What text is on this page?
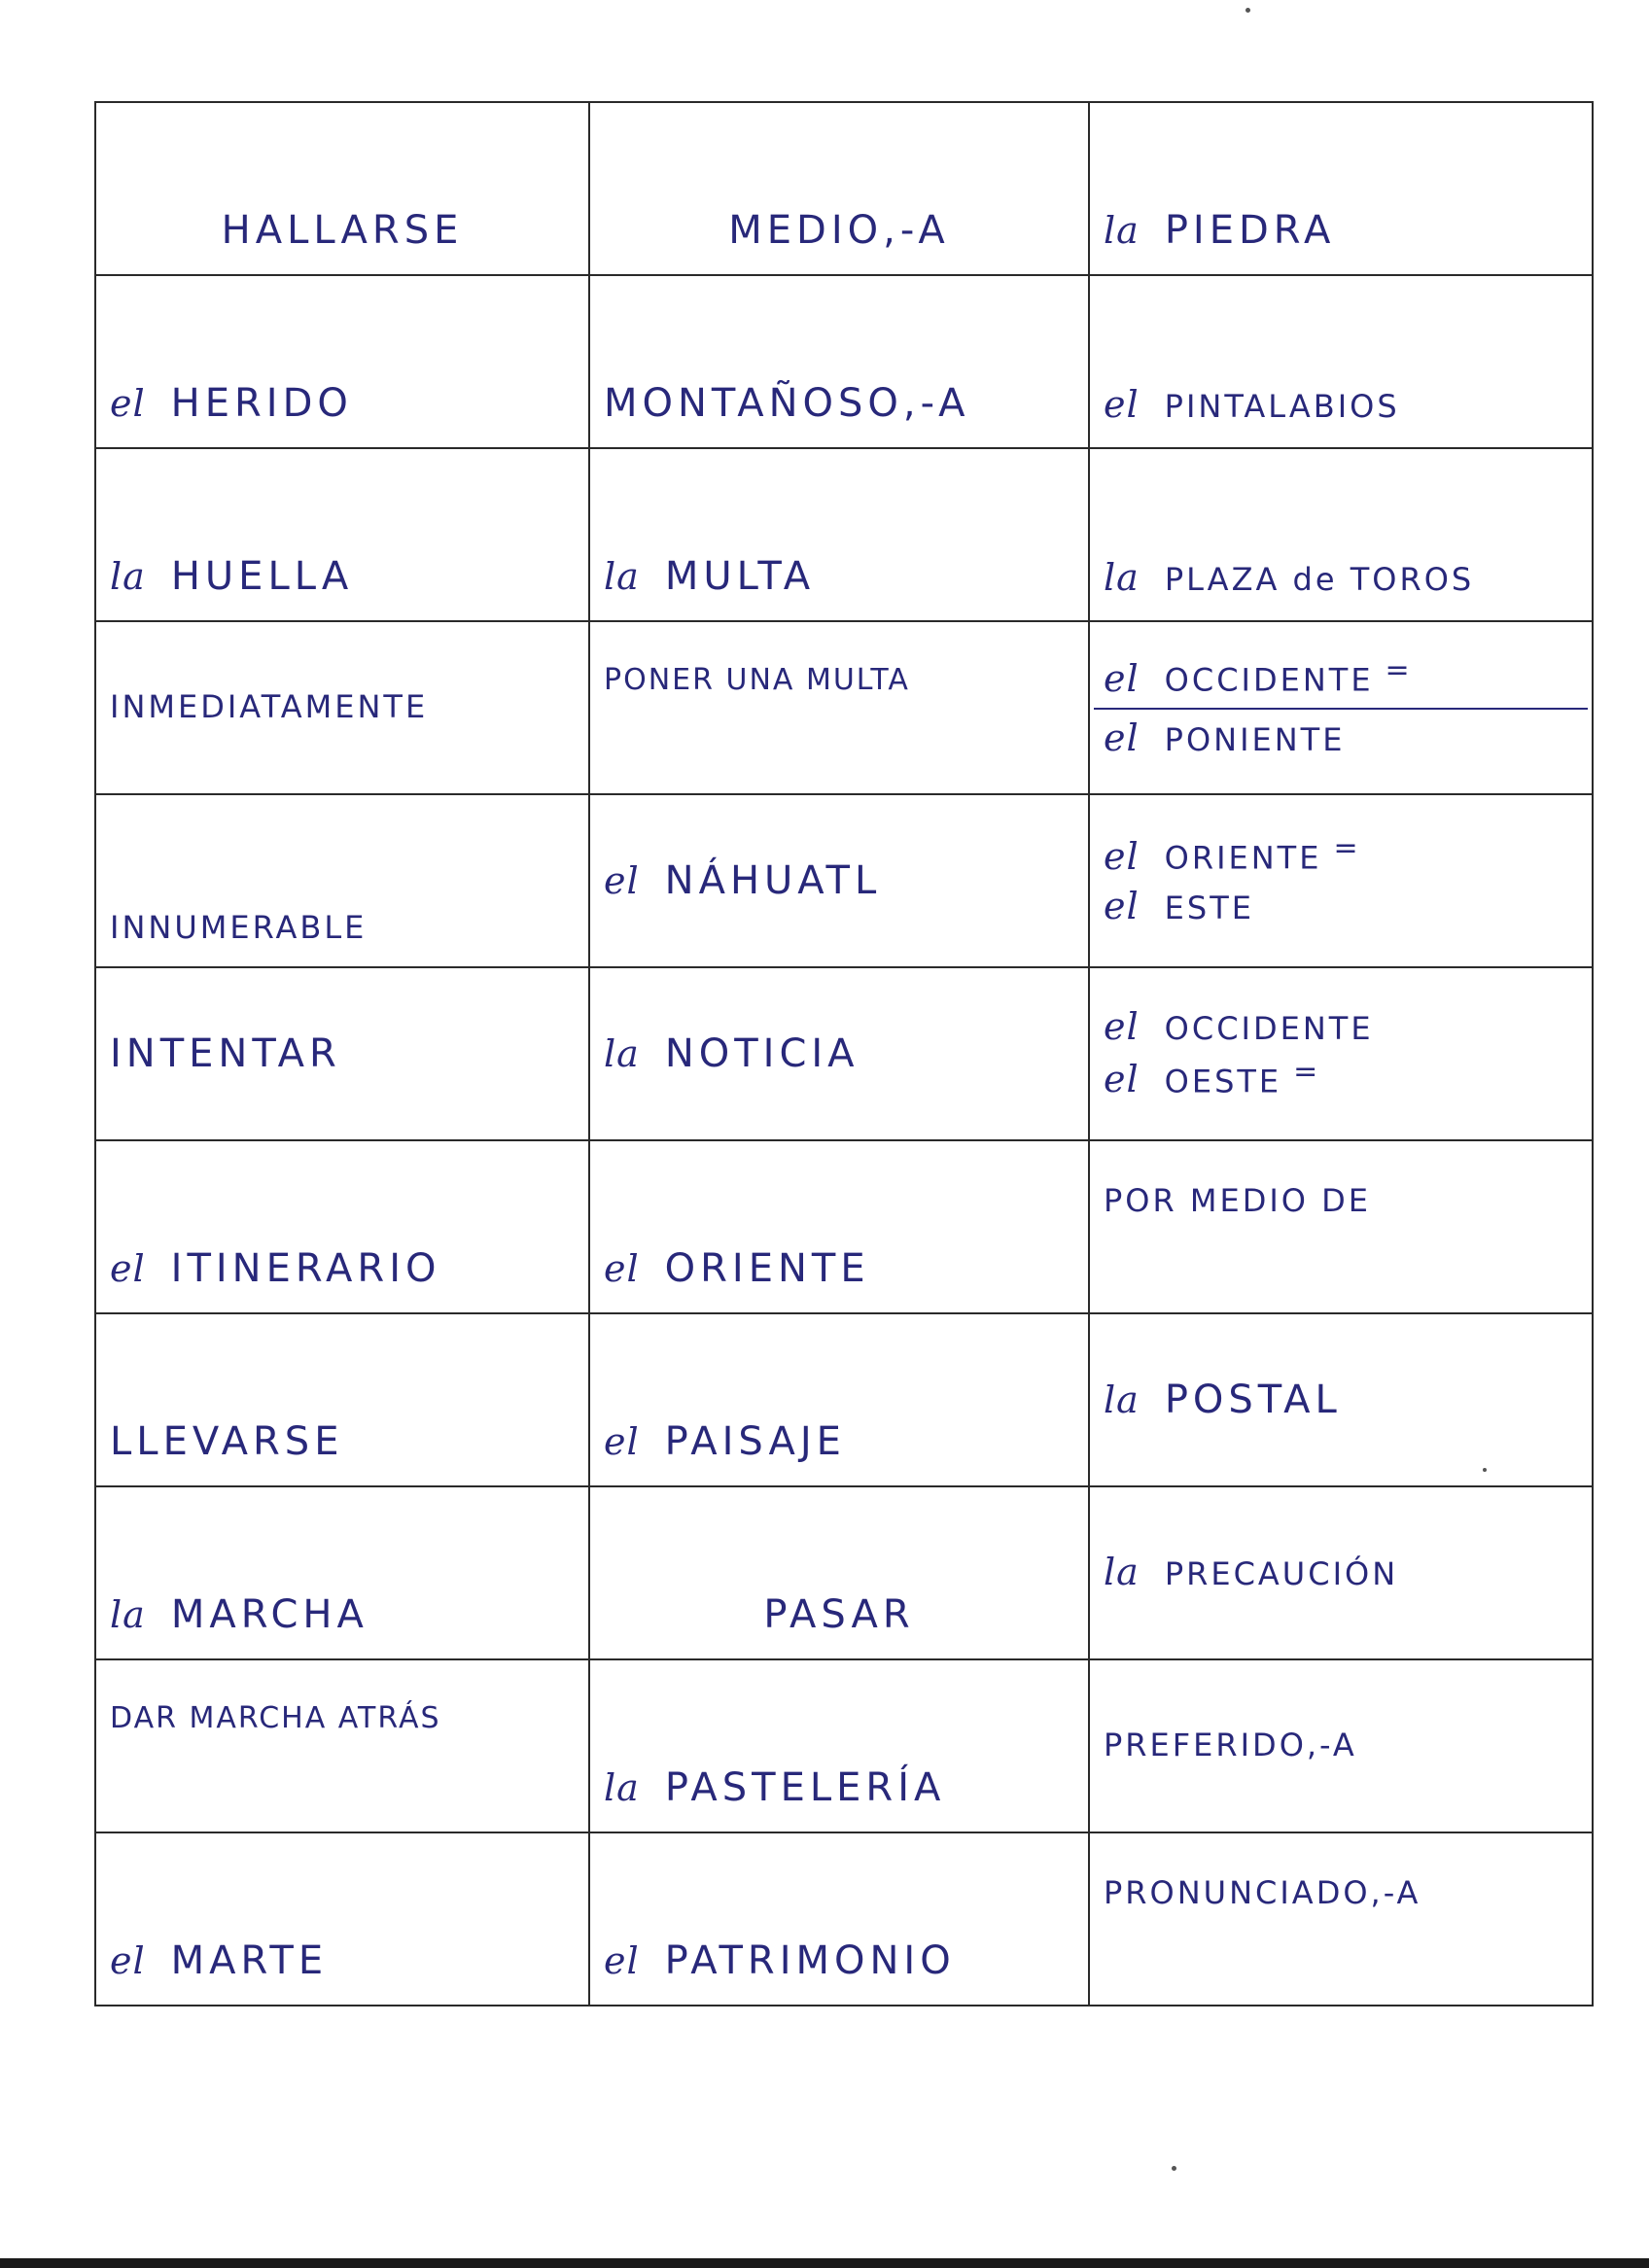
HALLARSE	MEDIO,-A	la PIEDRA

el HERIDO	MONTAÑOSO,-A	el PINTALABIOS

la HUELLA	la MULTA	la PLAZA de TOROS

INMEDIATAMENTE	PONER UNA MULTA	el OCCIDENTE =
el PONIENTE

INNUMERABLE	el NÁHUATL	el ORIENTE =
el ESTE

INTENTAR	la NOTICIA	el OCCIDENTE
el OESTE =

el ITINERARIO	el ORIENTE	POR MEDIO DE

LLEVARSE	el PAISAJE	la POSTAL

la MARCHA	PASAR	la PRECAUCIÓN

DAR MARCHA ATRÁS	la PASTELERÍA	PREFERIDO,-A

el MARTE	el PATRIMONIO	PRONUNCIADO,-A
